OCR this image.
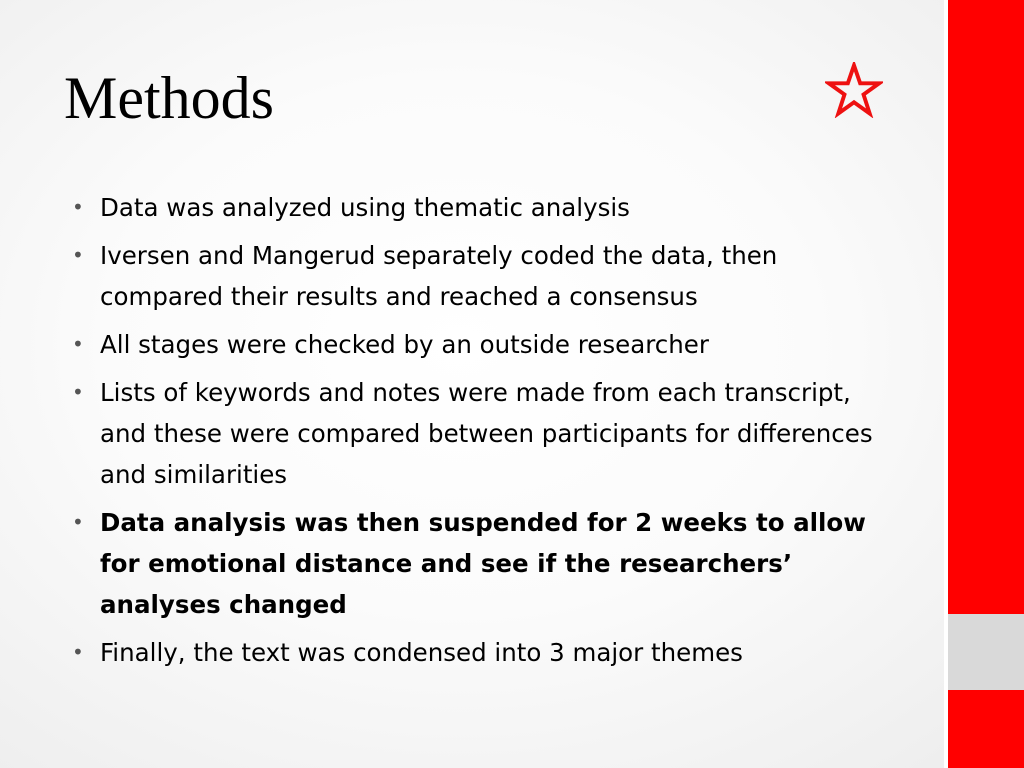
Methods
• Data was analyzed using thematic analysis
• Iversen and Mangerud separately coded the data, then compared their results and reached a consensus
• All stages were checked by an outside researcher
• Lists of keywords and notes were made from each transcript, and these were compared between participants for differences and similarities
• Data analysis was then suspended for 2 weeks to allow for emotional distance and see if the researchers’ analyses changed
• Finally, the text was condensed into 3 major themes
